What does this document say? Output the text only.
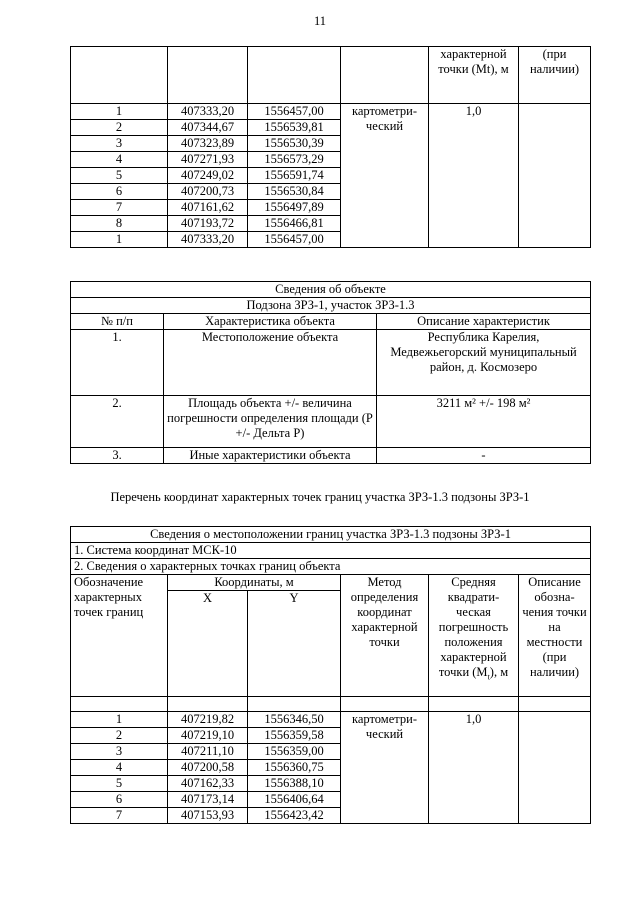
11
				характерной точки (Мt), м	(при наличии)
1	407333,20	1556457,00	картометри-ческий	1,0	
2	407344,67	1556539,81			
3	407323,89	1556530,39			
4	407271,93	1556573,29			
5	407249,02	1556591,74			
6	407200,73	1556530,84			
7	407161,62	1556497,89			
8	407193,72	1556466,81			
1	407333,20	1556457,00			
Сведения об объекте		
Подзона ЗРЗ-1, участок ЗРЗ-1.3		
№ п/п	Характеристика объекта	Описание характеристик
1.	Местоположение объекта	Республика Карелия, Медвежьегорский муниципальный район, д. Космозеро
2.	Площадь объекта +/- величина погрешности определения площади (P +/- Дельта P)	3211 м² +/- 198 м²
3.	Иные характеристики объекта	-
Перечень координат характерных точек границ участка ЗРЗ-1.3 подзоны ЗРЗ-1
Сведения о местоположении границ участка ЗРЗ-1.3 подзоны ЗРЗ-1					
1. Система координат МСК-10					
2. Сведения о характерных точках границ объекта					
Обозначение характерных точек границ	Координаты, м		Метод определения координат характерной точки	Средняя квадрати-ческая погрешность положения характерной точки $(М_t)$, м	Описание обозна-чения точки на местности (при наличии)
	X	Y			

1	407219,82	1556346,50	картометри-ческий	1,0	
2	407219,10	1556359,58			
3	407211,10	1556359,00			
4	407200,58	1556360,75			
5	407162,33	1556388,10			
6	407173,14	1556406,64			
7	407153,93	1556423,42			
